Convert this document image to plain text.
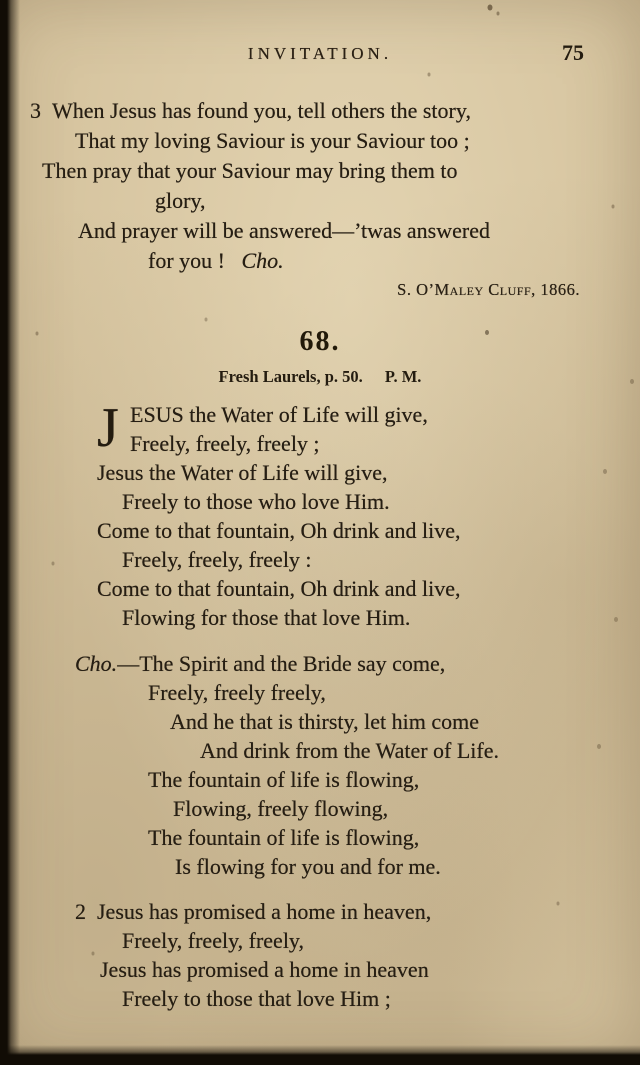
INVITATION.	75
3 When Jesus has found you, tell others the story,
That my loving Saviour is your Saviour too ;
Then pray that your Saviour may bring them to
glory,
And prayer will be answered—’twas answered
for you !   Cho.
S. O’Maley Cluff, 1866.
68.
Fresh Laurels, p. 50. P. M.
J ESUS the Water of Life will give,
Freely, freely, freely ;
Jesus the Water of Life will give,
Freely to those who love Him.
Come to that fountain, Oh drink and live,
Freely, freely, freely :
Come to that fountain, Oh drink and live,
Flowing for those that love Him.
Cho.—The Spirit and the Bride say come,
Freely, freely freely,
And he that is thirsty, let him come
And drink from the Water of Life.
The fountain of life is flowing,
Flowing, freely flowing,
The fountain of life is flowing,
Is flowing for you and for me.
2 Jesus has promised a home in heaven,
Freely, freely, freely,
Jesus has promised a home in heaven
Freely to those that love Him ;
